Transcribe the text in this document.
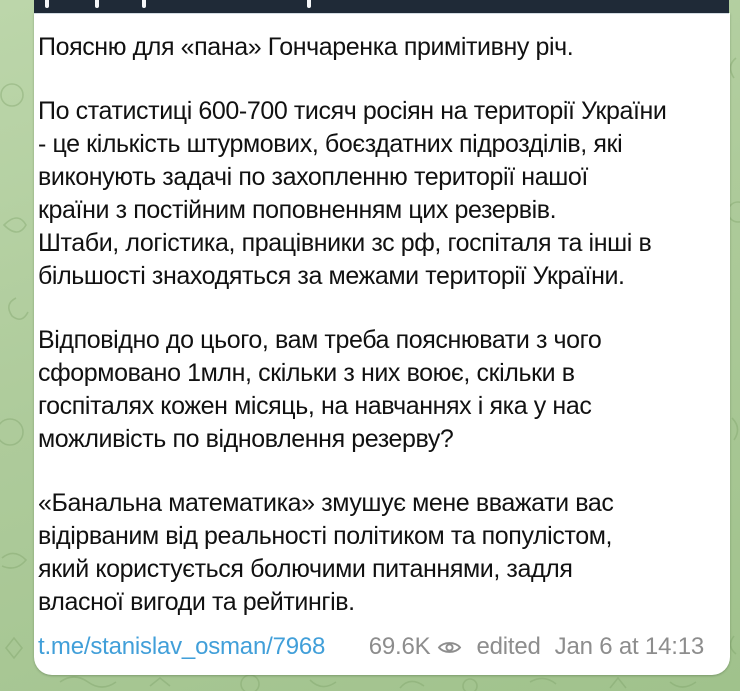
Поясню для «пана» Гончаренка примітивну річ.

По статистиці 600-700 тисяч росіян на території України
- це кількість штурмових, боєздатних підрозділів, які
виконують задачі по захопленню території нашої
країни з постійним поповненням цих резервів.
Штаби, логістика, працівники зс рф, госпіталя та інші в
більшості знаходяться за межами території України.

Відповідно до цього, вам треба пояснювати з чого
сформовано 1млн, скільки з них воює, скільки в
госпіталях кожен місяць, на навчаннях і яка у нас
можливість по відновлення резерву?

«Банальна математика» змушує мене вважати вас
відірваним від реальності політиком та популістом,
який користується болючими питаннями, задля
власної вигоди та рейтингів.

t.me/stanislav_osman/7968 69.6K edited Jan 6 at 14:13
